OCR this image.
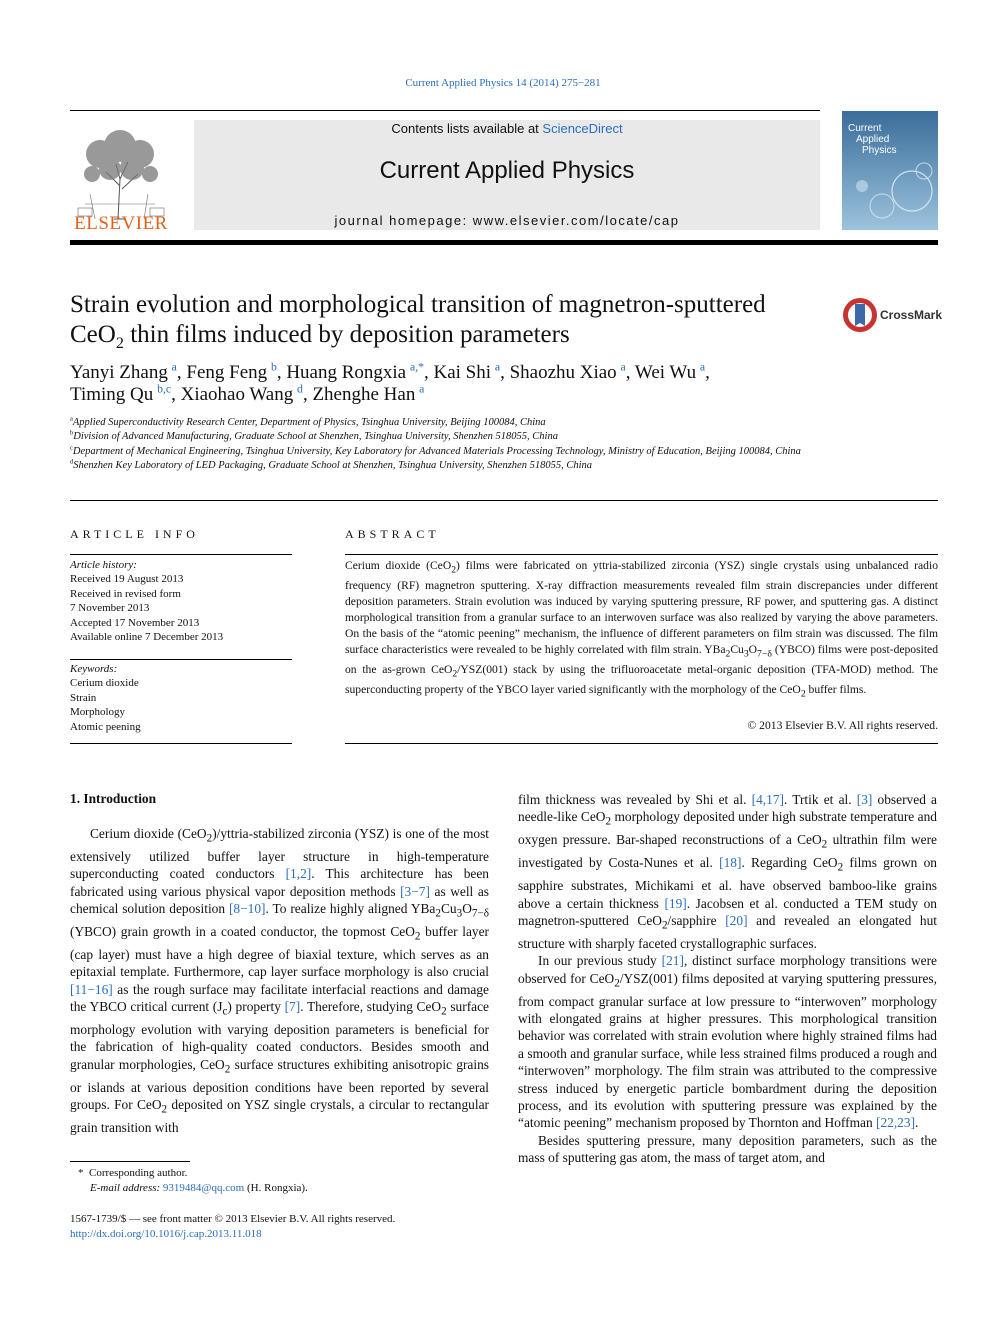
Current Applied Physics 14 (2014) 275−281
ELSEVIER
Contents lists available at ScienceDirect
Current Applied Physics
journal homepage: www.elsevier.com/locate/cap
Current
Applied
Physics
Strain evolution and morphological transition of magnetron-sputtered
CeO$_2$ thin films induced by deposition parameters
CrossMark
Yanyi Zhang  $^a$, Feng Feng  $^b$, Huang Rongxia  $^{a,*}$, Kai Shi  $^a$, Shaozhu Xiao  $^a$, Wei Wu  $^a$,
Timing Qu  $^{b,c}$, Xiaohao Wang  $^d$, Zhenghe Han  $^a$
$^a$Applied Superconductivity Research Center, Department of Physics, Tsinghua University, Beijing 100084, China
$^b$Division of Advanced Manufacturing, Graduate School at Shenzhen, Tsinghua University, Shenzhen 518055, China
$^c$Department of Mechanical Engineering, Tsinghua University, Key Laboratory for Advanced Materials Processing Technology, Ministry of Education, Beijing 100084, China
$^d$Shenzhen Key Laboratory of LED Packaging, Graduate School at Shenzhen, Tsinghua University, Shenzhen 518055, China
ARTICLE INFO	ABSTRACT
Article history:
Received 19 August 2013
Received in revised form
7 November 2013
Accepted 17 November 2013
Available online 7 December 2013
Keywords:
Cerium dioxide
Strain
Morphology
Atomic peening
Cerium dioxide (CeO$_2$) films were fabricated on yttria-stabilized zirconia (YSZ) single crystals using unbalanced radio frequency (RF) magnetron sputtering. X-ray diffraction measurements revealed film strain discrepancies under different deposition parameters. Strain evolution was induced by varying sputtering pressure, RF power, and sputtering gas. A distinct morphological transition from a granular surface to an interwoven surface was also realized by varying the above parameters. On the basis of the “atomic peening” mechanism, the influence of different parameters on film strain was discussed. The film surface characteristics were revealed to be highly correlated with film strain. $YBa_2Cu_3O_{7-\delta}$ (YBCO) films were post-deposited on the as-grown CeO$_2$/YSZ(001) stack by using the trifluoroacetate metal-organic deposition (TFA-MOD) method. The superconducting property of the YBCO layer varied significantly with the morphology of the CeO$_2$ buffer films.
© 2013 Elsevier B.V. All rights reserved.
1. Introduction

Cerium dioxide (CeO$_2$)/yttria-stabilized zirconia (YSZ) is one of the most extensively utilized buffer layer structure in high-temperature superconducting coated conductors [1,2]. This architecture has been fabricated using various physical vapor deposition methods [3−7] as well as chemical solution deposition [8−10]. To realize highly aligned $YBa_2Cu_3O_{7-\delta}$ (YBCO) grain growth in a coated conductor, the topmost CeO$_2$ buffer layer (cap layer) must have a high degree of biaxial texture, which serves as an epitaxial template. Furthermore, cap layer surface morphology is also crucial [11−16] as the rough surface may facilitate interfacial reactions and damage the YBCO critical current $(J_c)$ property [7]. Therefore, studying CeO$_2$ surface morphology evolution with varying deposition parameters is beneficial for the fabrication of high-quality coated conductors. Besides smooth and granular morphologies, CeO$_2$ surface structures exhibiting anisotropic grains or islands at various deposition conditions have been reported by several groups. For CeO$_2$ deposited on YSZ single crystals, a circular to rectangular grain transition with

film thickness was revealed by Shi et al. [4,17]. Trtik et al. [3] observed a needle-like CeO$_2$ morphology deposited under high substrate temperature and oxygen pressure. Bar-shaped reconstructions of a CeO$_2$ ultrathin film were investigated by Costa-Nunes et al. [18]. Regarding CeO$_2$ films grown on sapphire substrates, Michikami et al. have observed bamboo-like grains above a certain thickness [19]. Jacobsen et al. conducted a TEM study on magnetron-sputtered CeO$_2$/sapphire [20] and revealed an elongated hut structure with sharply faceted crystallographic surfaces.

In our previous study [21], distinct surface morphology transitions were observed for CeO$_2$/YSZ(001) films deposited at varying sputtering pressures, from compact granular surface at low pressure to “interwoven” morphology with elongated grains at higher pressures. This morphological transition behavior was correlated with strain evolution where highly strained films had a smooth and granular surface, while less strained films produced a rough and “interwoven” morphology. The film strain was attributed to the compressive stress induced by energetic particle bombardment during the deposition process, and its evolution with sputtering pressure was explained by the “atomic peening” mechanism proposed by Thornton and Hoffman [22,23].

Besides sputtering pressure, many deposition parameters, such as the mass of sputtering gas atom, the mass of target atom, and

* Corresponding author.
E-mail address: 9319484@qq.com (H. Rongxia).
1567-1739/$ — see front matter © 2013 Elsevier B.V. All rights reserved.
http://dx.doi.org/10.1016/j.cap.2013.11.018
